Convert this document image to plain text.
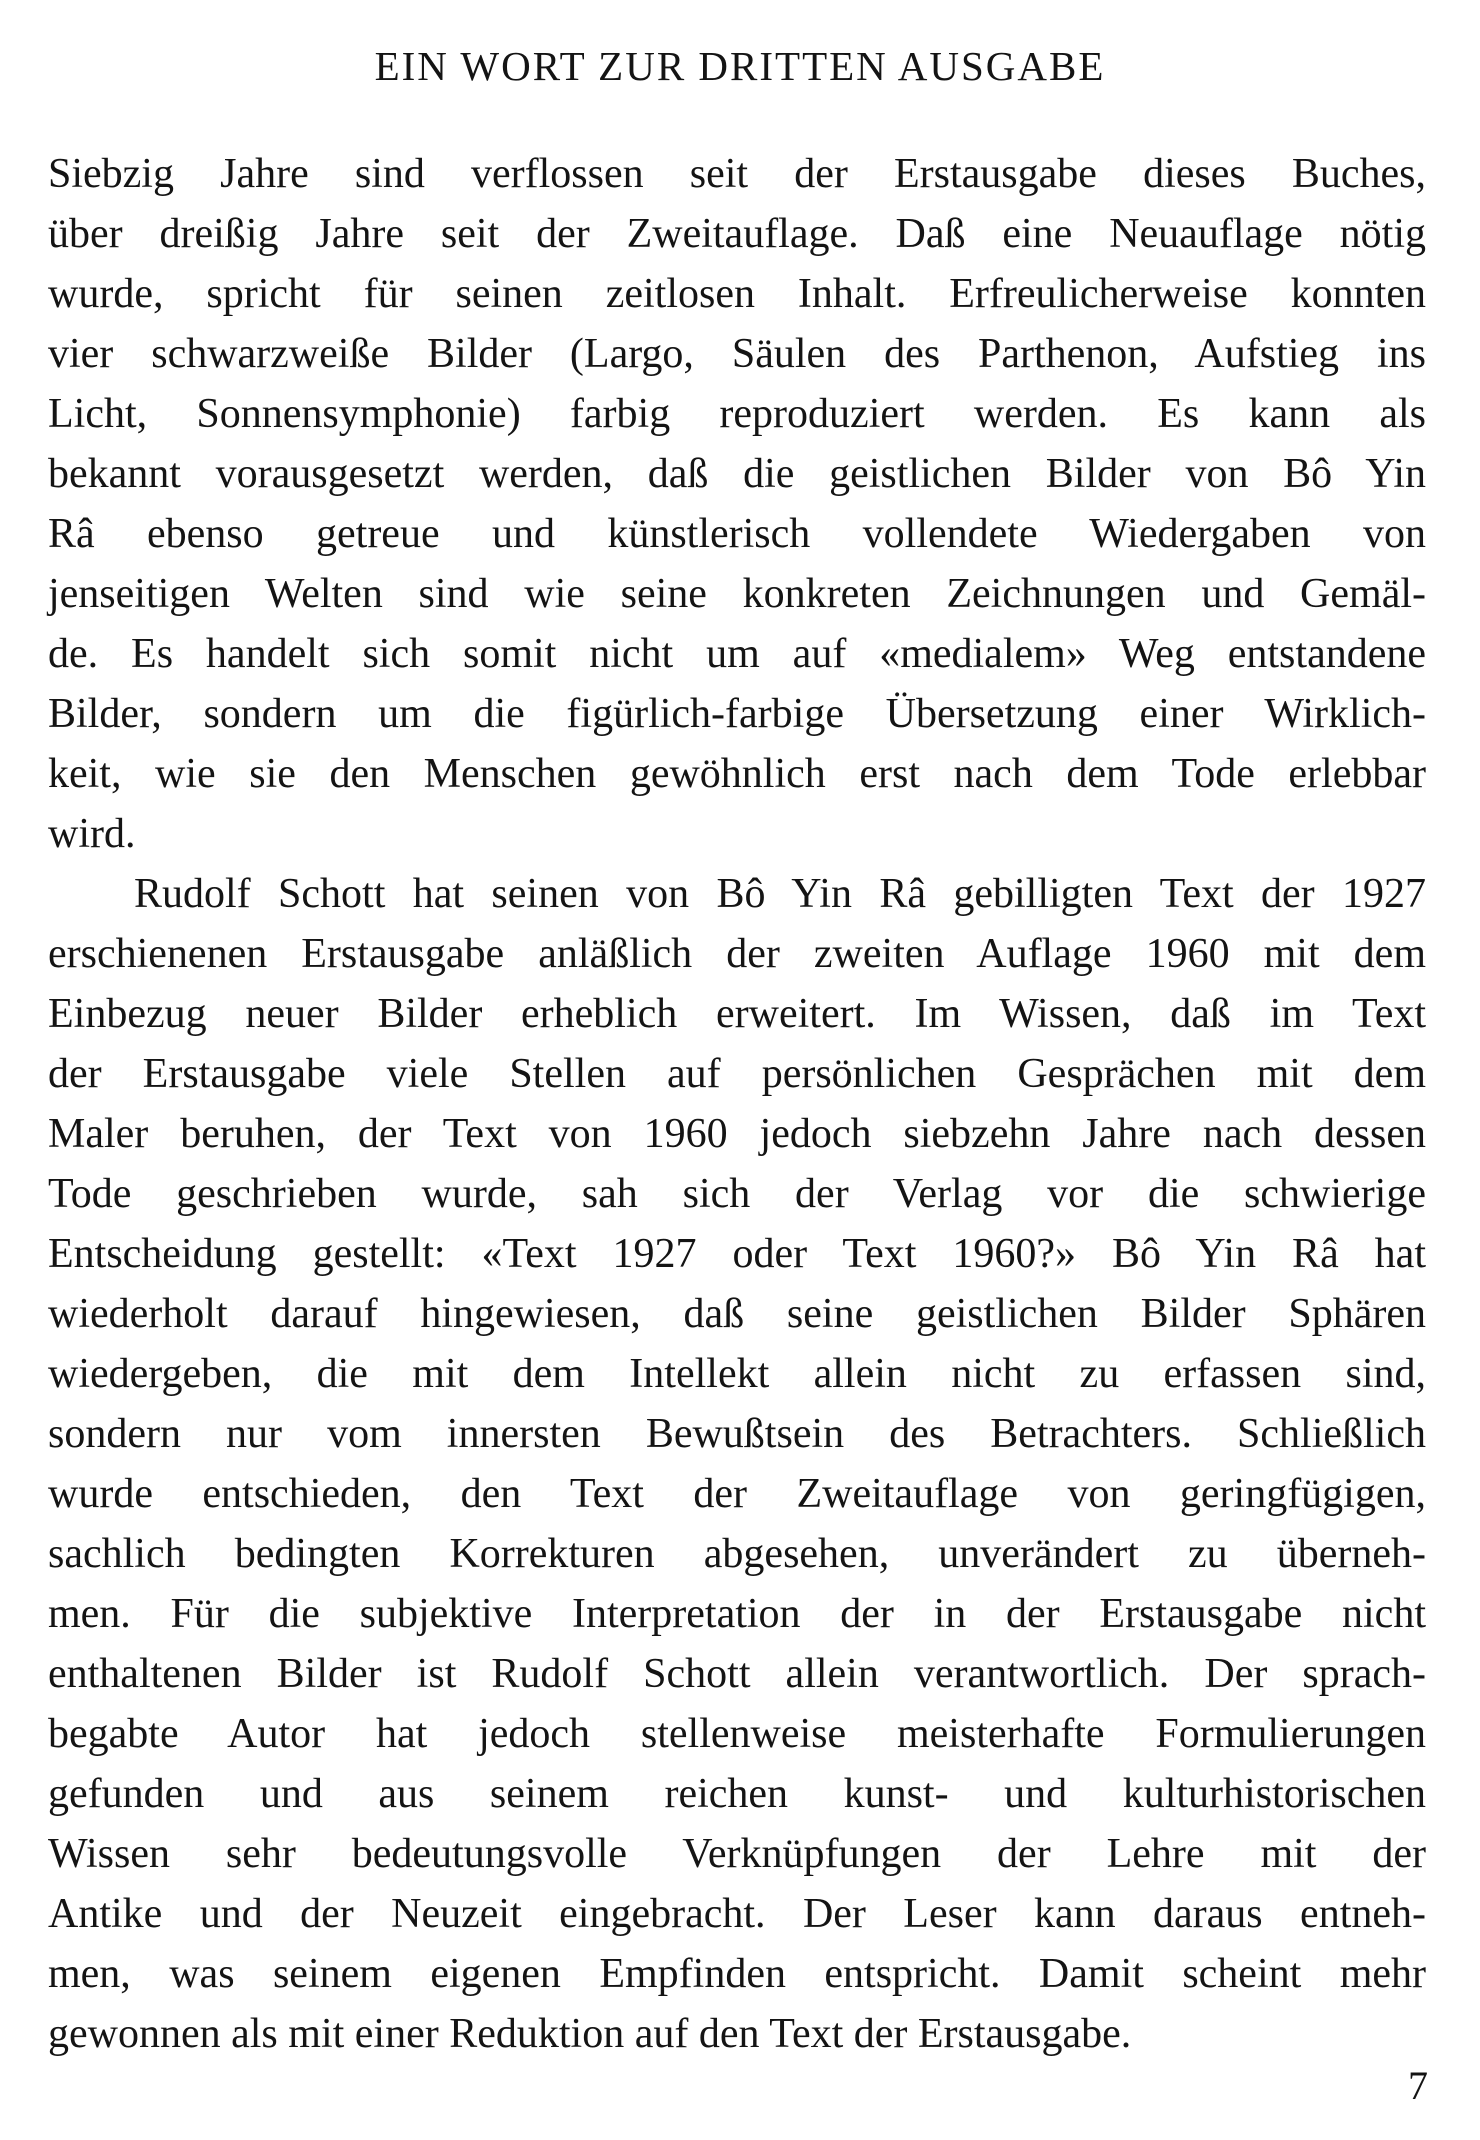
EIN WORT ZUR DRITTEN AUSGABE
Siebzig Jahre sind verflossen seit der Erstausgabe dieses Buches,
über dreißig Jahre seit der Zweitauflage. Daß eine Neuauflage nötig
wurde, spricht für seinen zeitlosen Inhalt. Erfreulicherweise konnten
vier schwarzweiße Bilder (Largo, Säulen des Parthenon, Aufstieg ins
Licht, Sonnensymphonie) farbig reproduziert werden. Es kann als
bekannt vorausgesetzt werden, daß die geistlichen Bilder von Bô Yin
Râ ebenso getreue und künstlerisch vollendete Wiedergaben von
jenseitigen Welten sind wie seine konkreten Zeichnungen und Gemäl-
de. Es handelt sich somit nicht um auf «medialem» Weg entstandene
Bilder, sondern um die figürlich-farbige Übersetzung einer Wirklich-
keit, wie sie den Menschen gewöhnlich erst nach dem Tode erlebbar
wird.
Rudolf Schott hat seinen von Bô Yin Râ gebilligten Text der 1927
erschienenen Erstausgabe anläßlich der zweiten Auflage 1960 mit dem
Einbezug neuer Bilder erheblich erweitert. Im Wissen, daß im Text
der Erstausgabe viele Stellen auf persönlichen Gesprächen mit dem
Maler beruhen, der Text von 1960 jedoch siebzehn Jahre nach dessen
Tode geschrieben wurde, sah sich der Verlag vor die schwierige
Entscheidung gestellt: «Text 1927 oder Text 1960?» Bô Yin Râ hat
wiederholt darauf hingewiesen, daß seine geistlichen Bilder Sphären
wiedergeben, die mit dem Intellekt allein nicht zu erfassen sind,
sondern nur vom innersten Bewußtsein des Betrachters. Schließlich
wurde entschieden, den Text der Zweitauflage von geringfügigen,
sachlich bedingten Korrekturen abgesehen, unverändert zu überneh-
men. Für die subjektive Interpretation der in der Erstausgabe nicht
enthaltenen Bilder ist Rudolf Schott allein verantwortlich. Der sprach-
begabte Autor hat jedoch stellenweise meisterhafte Formulierungen
gefunden und aus seinem reichen kunst- und kulturhistorischen
Wissen sehr bedeutungsvolle Verknüpfungen der Lehre mit der
Antike und der Neuzeit eingebracht. Der Leser kann daraus entneh-
men, was seinem eigenen Empfinden entspricht. Damit scheint mehr
gewonnen als mit einer Reduktion auf den Text der Erstausgabe.
7
